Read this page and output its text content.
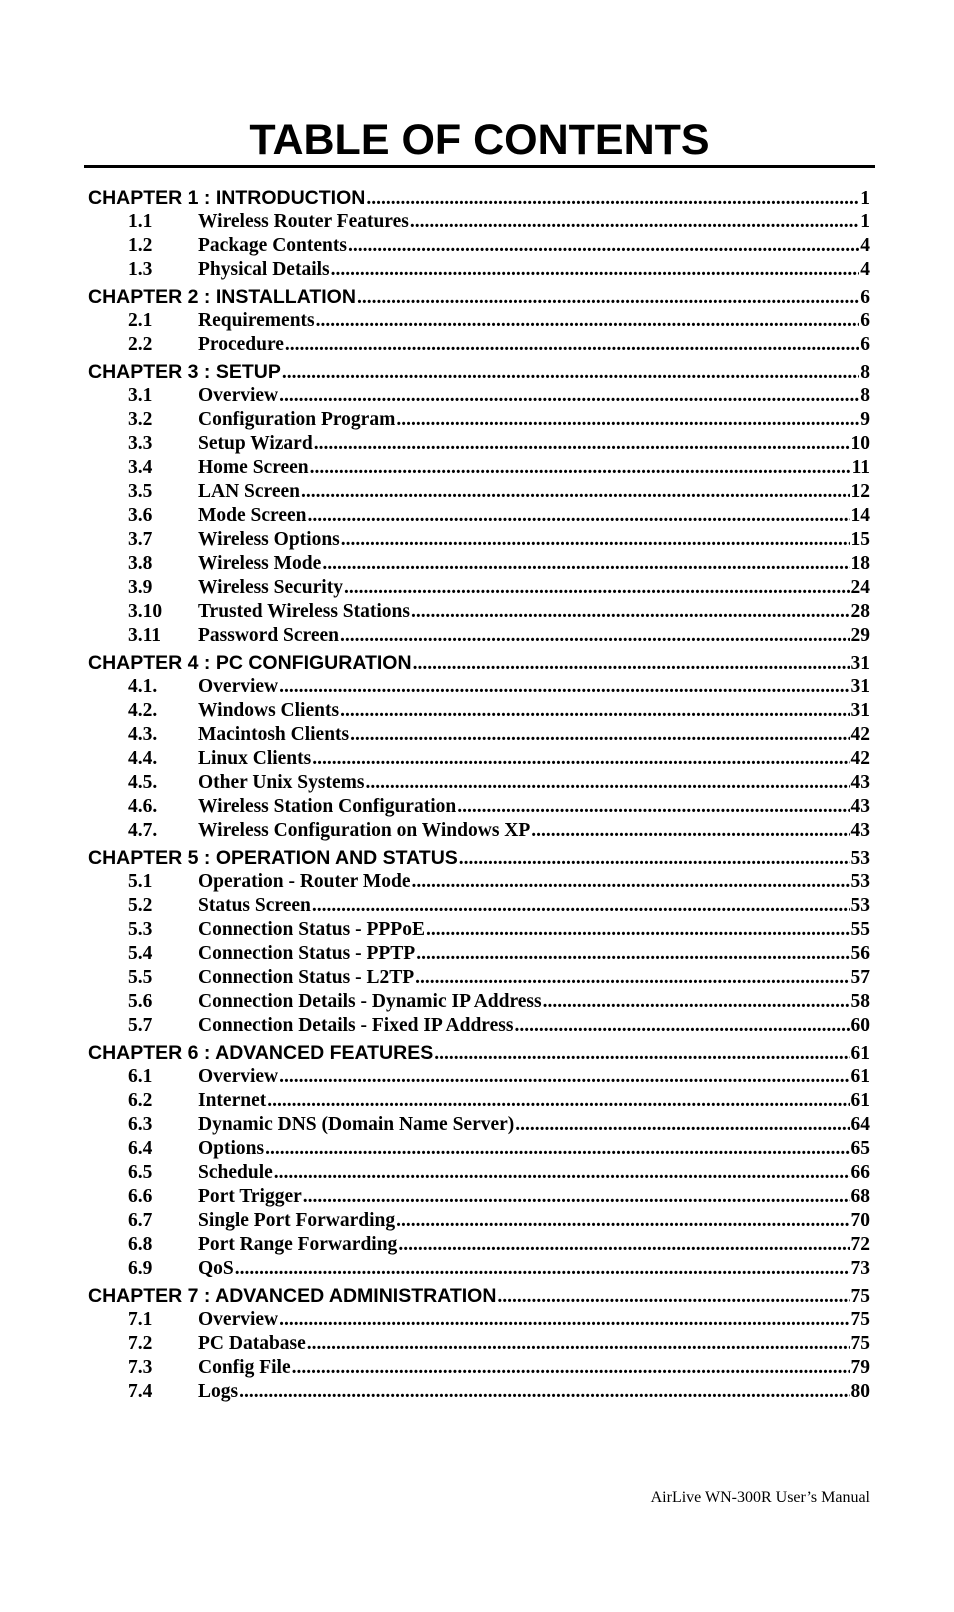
TABLE OF CONTENTS
CHAPTER 1 : INTRODUCTION .....	1
1.1	Wireless Router Features .....	1
1.2	Package Contents .....	4
1.3	Physical Details .....	4
CHAPTER 2 : INSTALLATION .....	6
2.1	Requirements .....	6
2.2	Procedure .....	6
CHAPTER 3 : SETUP .....	8
3.1	Overview .....	8
3.2	Configuration Program .....	9
3.3	Setup Wizard .....	10
3.4	Home Screen .....	11
3.5	LAN Screen .....	12
3.6	Mode Screen .....	14
3.7	Wireless Options .....	15
3.8	Wireless Mode .....	18
3.9	Wireless Security .....	24
3.10	Trusted Wireless Stations .....	28
3.11	Password Screen .....	29
CHAPTER 4 : PC CONFIGURATION .....	31
4.1.	Overview .....	31
4.2.	Windows Clients .....	31
4.3.	Macintosh Clients .....	42
4.4.	Linux Clients .....	42
4.5.	Other Unix Systems .....	43
4.6.	Wireless Station Configuration .....	43
4.7.	Wireless Configuration on Windows XP .....	43
CHAPTER 5 : OPERATION AND STATUS .....	53
5.1	Operation - Router Mode .....	53
5.2	Status Screen .....	53
5.3	Connection Status - PPPoE .....	55
5.4	Connection Status - PPTP .....	56
5.5	Connection Status - L2TP .....	57
5.6	Connection Details - Dynamic IP Address .....	58
5.7	Connection Details - Fixed IP Address .....	60
CHAPTER 6 : ADVANCED FEATURES .....	61
6.1	Overview .....	61
6.2	Internet .....	61
6.3	Dynamic DNS (Domain Name Server) .....	64
6.4	Options .....	65
6.5	Schedule .....	66
6.6	Port Trigger .....	68
6.7	Single Port Forwarding .....	70
6.8	Port Range Forwarding .....	72
6.9	QoS .....	73
CHAPTER 7 : ADVANCED ADMINISTRATION .....	75
7.1	Overview .....	75
7.2	PC Database .....	75
7.3	Config File .....	79
7.4	Logs .....	80
AirLive WN-300R User’s Manual
